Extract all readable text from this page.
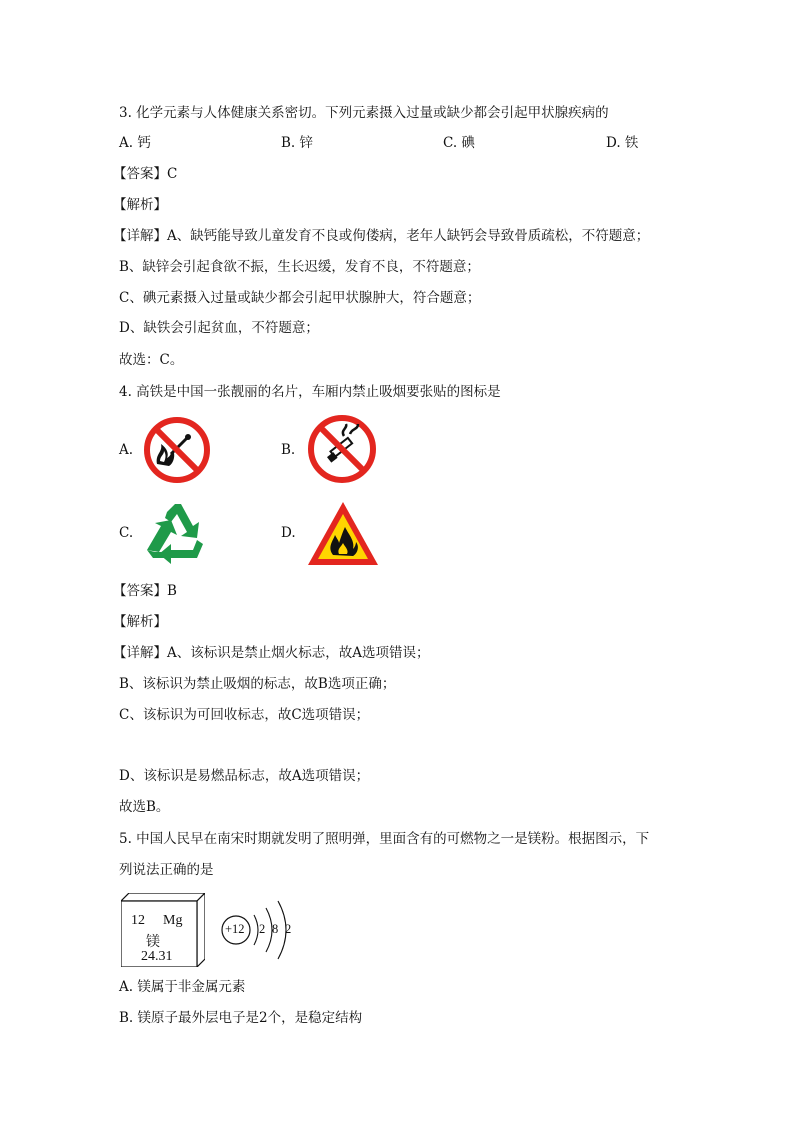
3. 化学元素与人体健康关系密切。下列元素摄入过量或缺少都会引起甲状腺疾病的
A. 钙	B. 锌	C. 碘	D. 铁
【答案】C
【解析】
【详解】A、缺钙能导致儿童发育不良或佝偻病，老年人缺钙会导致骨质疏松，不符题意；
B、缺锌会引起食欲不振，生长迟缓，发育不良，不符题意；
C、碘元素摄入过量或缺少都会引起甲状腺肿大，符合题意；
D、缺铁会引起贫血，不符题意；
故选：C。
4. 高铁是中国一张靓丽的名片，车厢内禁止吸烟要张贴的图标是
A.	B.
C.	D.
【答案】B
【解析】
【详解】A、该标识是禁止烟火标志，故A选项错误；
B、该标识为禁止吸烟的标志，故B选项正确；
C、该标识为可回收标志，故C选项错误；
D、该标识是易燃品标志，故A选项错误；
故选B。
5. 中国人民早在南宋时期就发明了照明弹，里面含有的可燃物之一是镁粉。根据图示，下
列说法正确的是
12 Mg
镁
24.31
+12 2 8 2
A. 镁属于非金属元素
B. 镁原子最外层电子是2个，是稳定结构
